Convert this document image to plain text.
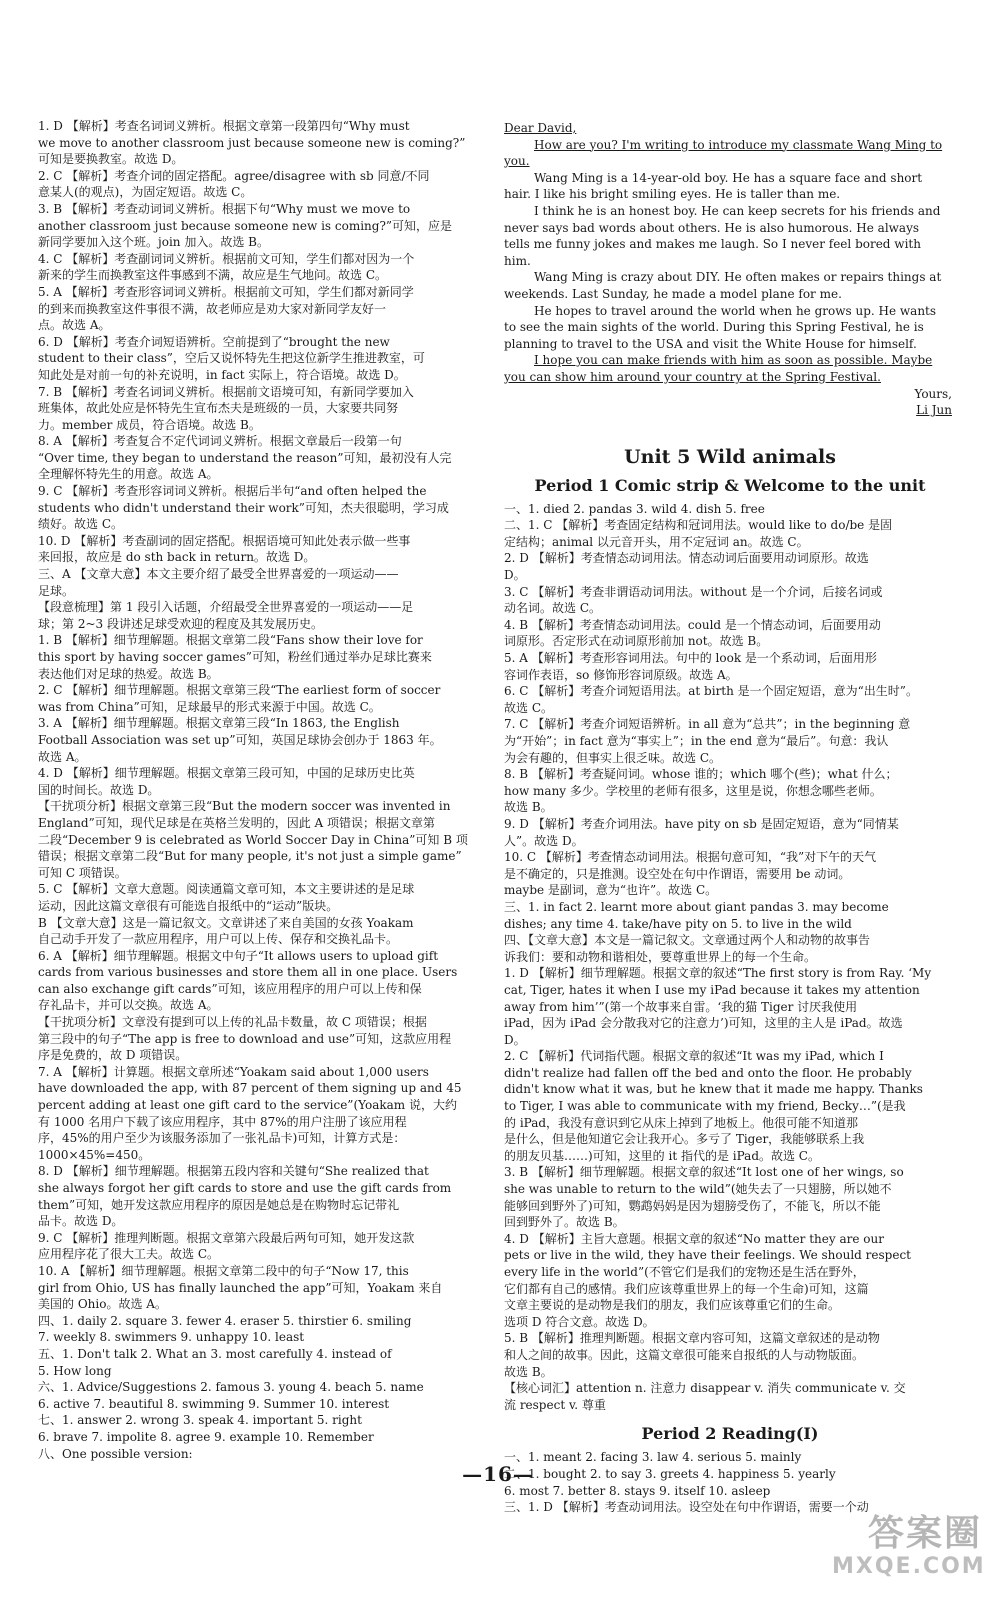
1. D 【解析】考查名词词义辨析。根据文章第一段第四句“Why must
we move to another classroom just because someone new is coming?”
可知是要换教室。故选 D。
2. C 【解析】考查介词的固定搭配。agree/disagree with sb 同意/不同
意某人(的观点)，为固定短语。故选 C。
3. B 【解析】考查动词词义辨析。根据下句“Why must we move to
another classroom just because someone new is coming?”可知，应是
新同学要加入这个班。join 加入。故选 B。
4. C 【解析】考查副词词义辨析。根据前文可知，学生们都对因为一个
新来的学生而换教室这件事感到不满，故应是生气地问。故选 C。
5. A 【解析】考查形容词词义辨析。根据前文可知，学生们都对新同学
的到来而换教室这件事很不满，故老师应是劝大家对新同学友好一
点。故选 A。
6. D 【解析】考查介词短语辨析。空前提到了“brought the new
student to their class”，空后又说怀特先生把这位新学生推进教室，可
知此处是对前一句的补充说明，in fact 实际上，符合语境。故选 D。
7. B 【解析】考查名词词义辨析。根据前文语境可知，有新同学要加入
班集体，故此处应是怀特先生宣布杰夫是班级的一员，大家要共同努
力。member 成员，符合语境。故选 B。
8. A 【解析】考查复合不定代词词义辨析。根据文章最后一段第一句
“Over time, they began to understand the reason”可知，最初没有人完
全理解怀特先生的用意。故选 A。
9. C 【解析】考查形容词词义辨析。根据后半句“and often helped the
students who didn't understand their work”可知，杰夫很聪明，学习成
绩好。故选 C。
10. D 【解析】考查副词的固定搭配。根据语境可知此处表示做一些事
来回报，故应是 do sth back in return。故选 D。
三、A 【文章大意】本文主要介绍了最受全世界喜爱的一项运动——
足球。
【段意梳理】第 1 段引入话题，介绍最受全世界喜爱的一项运动——足
球；第 2~3 段讲述足球受欢迎的程度及其发展历史。
1. B 【解析】细节理解题。根据文章第二段“Fans show their love for
this sport by having soccer games”可知，粉丝们通过举办足球比赛来
表达他们对足球的热爱。故选 B。
2. C 【解析】细节理解题。根据文章第三段“The earliest form of soccer
was from China”可知，足球最早的形式来源于中国。故选 C。
3. A 【解析】细节理解题。根据文章第三段“In 1863, the English
Football Association was set up”可知，英国足球协会创办于 1863 年。
故选 A。
4. D 【解析】细节理解题。根据文章第三段可知，中国的足球历史比英
国的时间长。故选 D。
【干扰项分析】根据文章第三段“But the modern soccer was invented in
England”可知，现代足球是在英格兰发明的，因此 A 项错误；根据文章第
二段“December 9 is celebrated as World Soccer Day in China”可知 B 项
错误；根据文章第二段“But for many people, it's not just a simple game”
可知 C 项错误。
5. C 【解析】文章大意题。阅读通篇文章可知，本文主要讲述的是足球
运动，因此这篇文章很有可能选自报纸中的“运动”版块。
B 【文章大意】这是一篇记叙文。文章讲述了来自美国的女孩 Yoakam
自己动手开发了一款应用程序，用户可以上传、保存和交换礼品卡。
6. A 【解析】细节理解题。根据文中句子“It allows users to upload gift
cards from various businesses and store them all in one place. Users
can also exchange gift cards”可知，该应用程序的用户可以上传和保
存礼品卡，并可以交换。故选 A。
【干扰项分析】文章没有提到可以上传的礼品卡数量，故 C 项错误；根据
第三段中的句子“The app is free to download and use”可知，这款应用程
序是免费的，故 D 项错误。
7. A 【解析】计算题。根据文章所述“Yoakam said about 1,000 users
have downloaded the app, with 87 percent of them signing up and 45
percent adding at least one gift card to the service”(Yoakam 说，大约
有 1000 名用户下载了该应用程序，其中 87%的用户注册了该应用程
序，45%的用户至少为该服务添加了一张礼品卡)可知，计算方式是：
1000×45%=450。
8. D 【解析】细节理解题。根据第五段内容和关键句“She realized that
she always forgot her gift cards to store and use the gift cards from
them”可知，她开发这款应用程序的原因是她总是在购物时忘记带礼
品卡。故选 D。
9. C 【解析】推理判断题。根据文章第六段最后两句可知，她开发这款
应用程序花了很大工夫。故选 C。
10. A 【解析】细节理解题。根据文章第二段中的句子“Now 17, this
girl from Ohio, US has finally launched the app”可知，Yoakam 来自
美国的 Ohio。故选 A。
四、1. daily 2. square 3. fewer 4. eraser 5. thirstier 6. smiling
7. weekly 8. swimmers 9. unhappy 10. least
五、1. Don't talk 2. What an 3. most carefully 4. instead of
5. How long
六、1. Advice/Suggestions 2. famous 3. young 4. beach 5. name
6. active 7. beautiful 8. swimming 9. Summer 10. interest
七、1. answer 2. wrong 3. speak 4. important 5. right
6. brave 7. impolite 8. agree 9. example 10. Remember
八、One possible version:
Dear David,
How are you? I'm writing to introduce my classmate Wang Ming to
you.
Wang Ming is a 14-year-old boy. He has a square face and short
hair. I like his bright smiling eyes. He is taller than me.
I think he is an honest boy. He can keep secrets for his friends and
never says bad words about others. He is also humorous. He always
tells me funny jokes and makes me laugh. So I never feel bored with
him.
Wang Ming is crazy about DIY. He often makes or repairs things at
weekends. Last Sunday, he made a model plane for me.
He hopes to travel around the world when he grows up. He wants
to see the main sights of the world. During this Spring Festival, he is
planning to travel to the USA and visit the White House for himself.
I hope you can make friends with him as soon as possible. Maybe
you can show him around your country at the Spring Festival.
Yours,
Li Jun
Unit 5 Wild animals
Period 1 Comic strip & Welcome to the unit
一、1. died 2. pandas 3. wild 4. dish 5. free
二、1. C 【解析】考查固定结构和冠词用法。would like to do/be 是固
定结构；animal 以元音开头，用不定冠词 an。故选 C。
2. D 【解析】考查情态动词用法。情态动词后面要用动词原形。故选
D。
3. C 【解析】考查非谓语动词用法。without 是一个介词，后接名词或
动名词。故选 C。
4. B 【解析】考查情态动词用法。could 是一个情态动词，后面要用动
词原形。否定形式在动词原形前加 not。故选 B。
5. A 【解析】考查形容词用法。句中的 look 是一个系动词，后面用形
容词作表语，so 修饰形容词原级。故选 A。
6. C 【解析】考查介词短语用法。at birth 是一个固定短语，意为“出生时”。
故选 C。
7. C 【解析】考查介词短语辨析。in all 意为“总共”；in the beginning 意
为“开始”；in fact 意为“事实上”；in the end 意为“最后”。句意：我认
为会有趣的，但事实上很乏味。故选 C。
8. B 【解析】考查疑问词。whose 谁的；which 哪个(些)；what 什么；
how many 多少。学校里的老师有很多，这里是说，你想念哪些老师。
故选 B。
9. D 【解析】考查介词用法。have pity on sb 是固定短语，意为“同情某
人”。故选 D。
10. C 【解析】考查情态动词用法。根据句意可知，“我”对下午的天气
是不确定的，只是推测。设空处在句中作谓语，需要用 be 动词。
maybe 是副词，意为“也许”。故选 C。
三、1. in fact 2. learnt more about giant pandas 3. may become
dishes; any time 4. take/have pity on 5. to live in the wild
四、【文章大意】本文是一篇记叙文。文章通过两个人和动物的故事告
诉我们：要和动物和谐相处，要尊重世界上的每一个生命。
1. D 【解析】细节理解题。根据文章的叙述“The first story is from Ray. ‘My
cat, Tiger, hates it when I use my iPad because it takes my attention
away from him’”(第一个故事来自雷。‘我的猫 Tiger 讨厌我使用
iPad，因为 iPad 会分散我对它的注意力’)可知，这里的主人是 iPad。故选
D。
2. C 【解析】代词指代题。根据文章的叙述“It was my iPad, which I
didn't realize had fallen off the bed and onto the floor. He probably
didn't know what it was, but he knew that it made me happy. Thanks
to Tiger, I was able to communicate with my friend, Becky…”(是我
的 iPad，我没有意识到它从床上掉到了地板上。他很可能不知道那
是什么，但是他知道它会让我开心。多亏了 Tiger，我能够联系上我
的朋友贝基……)可知，这里的 it 指代的是 iPad。故选 C。
3. B 【解析】细节理解题。根据文章的叙述“It lost one of her wings, so
she was unable to return to the wild”(她失去了一只翅膀，所以她不
能够回到野外了)可知，鹦鹉妈妈是因为翅膀受伤了，不能飞，所以不能
回到野外了。故选 B。
4. D 【解析】主旨大意题。根据文章的叙述“No matter they are our
pets or live in the wild, they have their feelings. We should respect
every life in the world”(不管它们是我们的宠物还是生活在野外，
它们都有自己的感情。我们应该尊重世界上的每一个生命)可知，这篇
文章主要说的是动物是我们的朋友，我们应该尊重它们的生命。
选项 D 符合文意。故选 D。
5. B 【解析】推理判断题。根据文章内容可知，这篇文章叙述的是动物
和人之间的故事。因此，这篇文章很可能来自报纸的人与动物版面。
故选 B。
【核心词汇】attention n. 注意力 disappear v. 消失 communicate v. 交
流 respect v. 尊重
Period 2 Reading(Ⅰ)
一、1. meant 2. facing 3. law 4. serious 5. mainly
二、1. bought 2. to say 3. greets 4. happiness 5. yearly
6. most 7. better 8. stays 9. itself 10. asleep
三、1. D 【解析】考查动词用法。设空处在句中作谓语，需要一个动
—16—
答案圈
MXQE.COM
